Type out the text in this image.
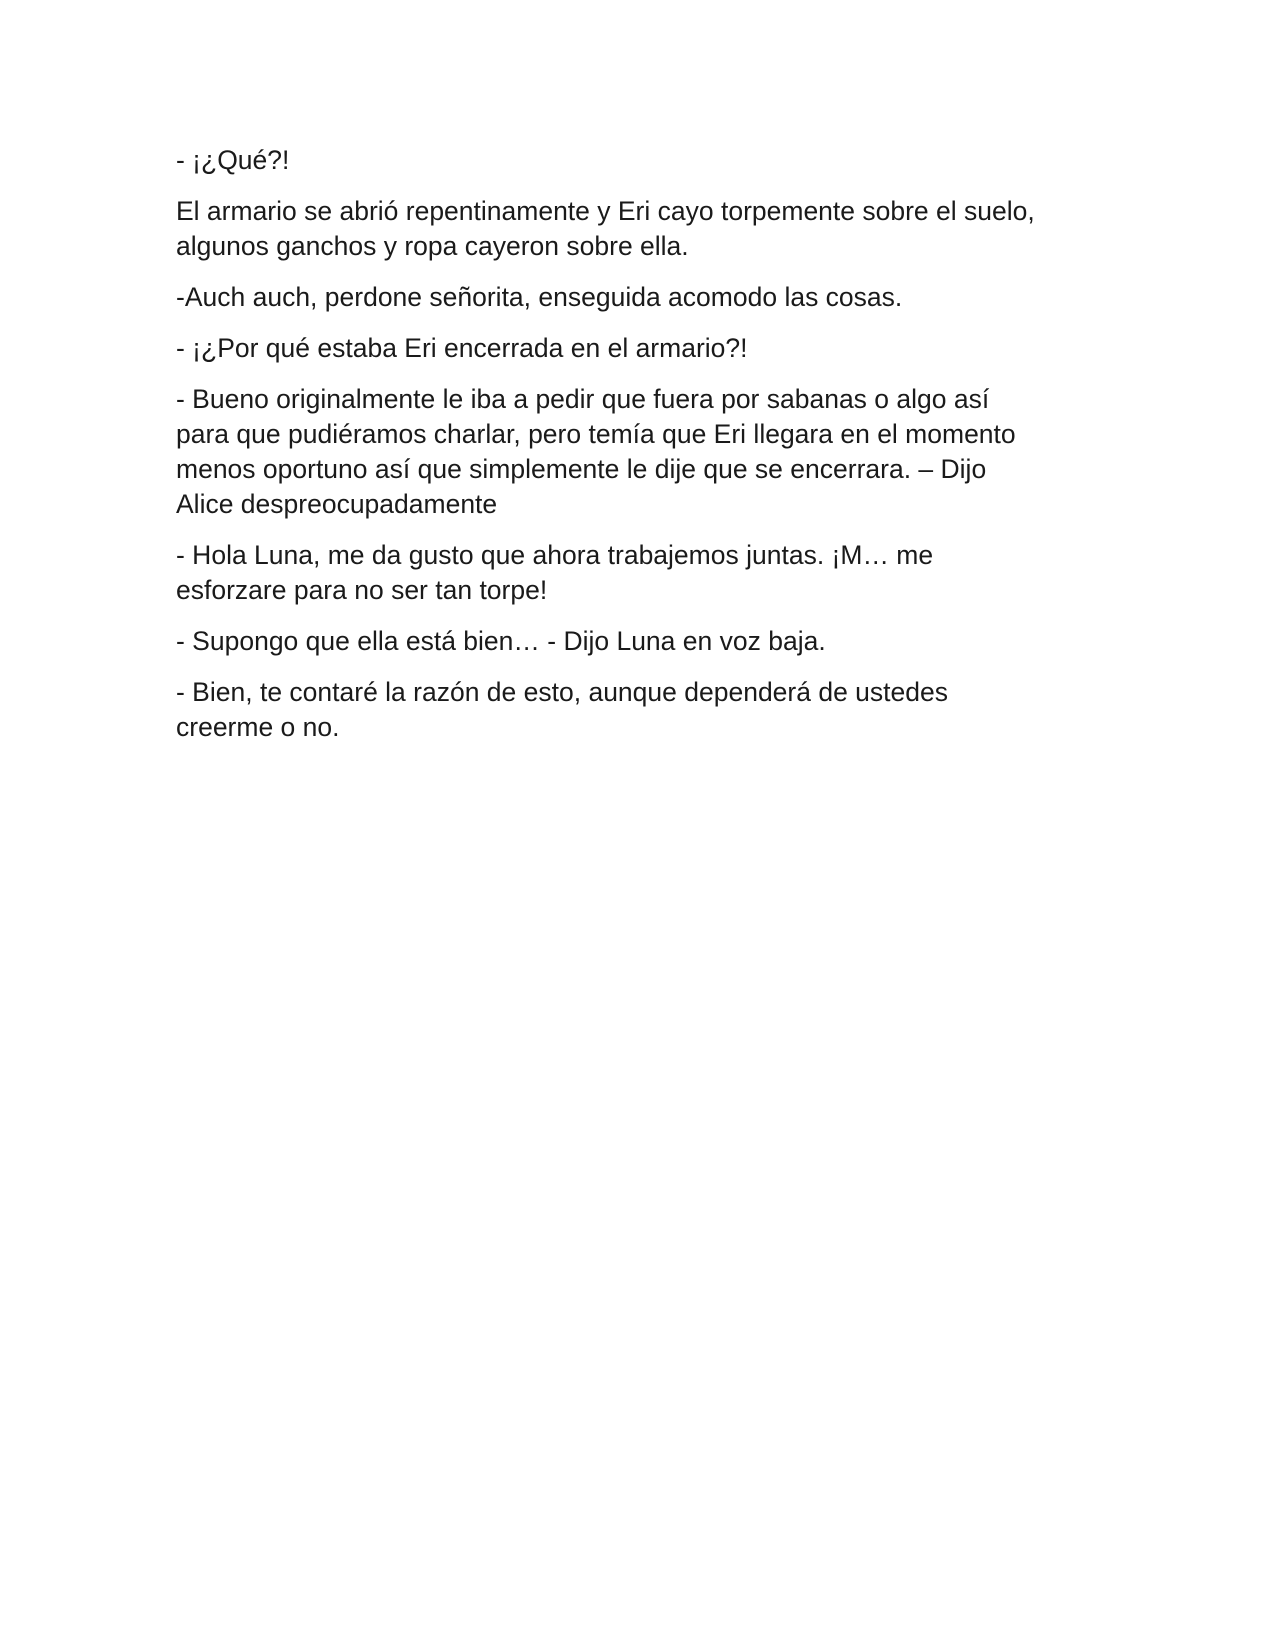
- ¡¿Qué?!

El armario se abrió repentinamente y Eri cayo torpemente sobre el suelo,
algunos ganchos y ropa cayeron sobre ella.

-Auch auch, perdone señorita, enseguida acomodo las cosas.

- ¡¿Por qué estaba Eri encerrada en el armario?!

- Bueno originalmente le iba a pedir que fuera por sabanas o algo así
para que pudiéramos charlar, pero temía que Eri llegara en el momento
menos oportuno así que simplemente le dije que se encerrara. – Dijo
Alice despreocupadamente

- Hola Luna, me da gusto que ahora trabajemos juntas. ¡M… me
esforzare para no ser tan torpe!

- Supongo que ella está bien… - Dijo Luna en voz baja.

- Bien, te contaré la razón de esto, aunque dependerá de ustedes
creerme o no.
